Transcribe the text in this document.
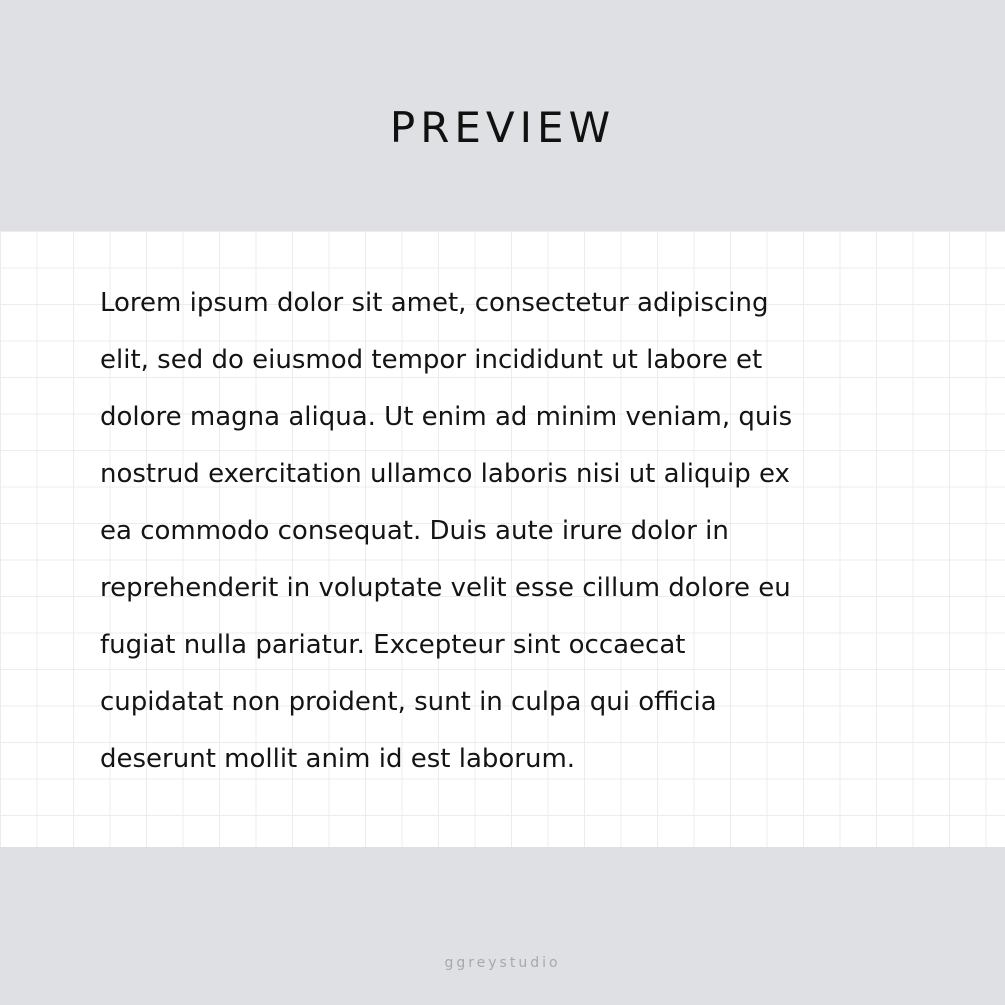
PREVIEW

Lorem ipsum dolor sit amet, consectetur adipiscing
elit, sed do eiusmod tempor incididunt ut labore et
dolore magna aliqua. Ut enim ad minim veniam, quis
nostrud exercitation ullamco laboris nisi ut aliquip ex
ea commodo consequat. Duis aute irure dolor in
reprehenderit in voluptate velit esse cillum dolore eu
fugiat nulla pariatur. Excepteur sint occaecat
cupidatat non proident, sunt in culpa qui officia
deserunt mollit anim id est laborum.

ggreystudio
